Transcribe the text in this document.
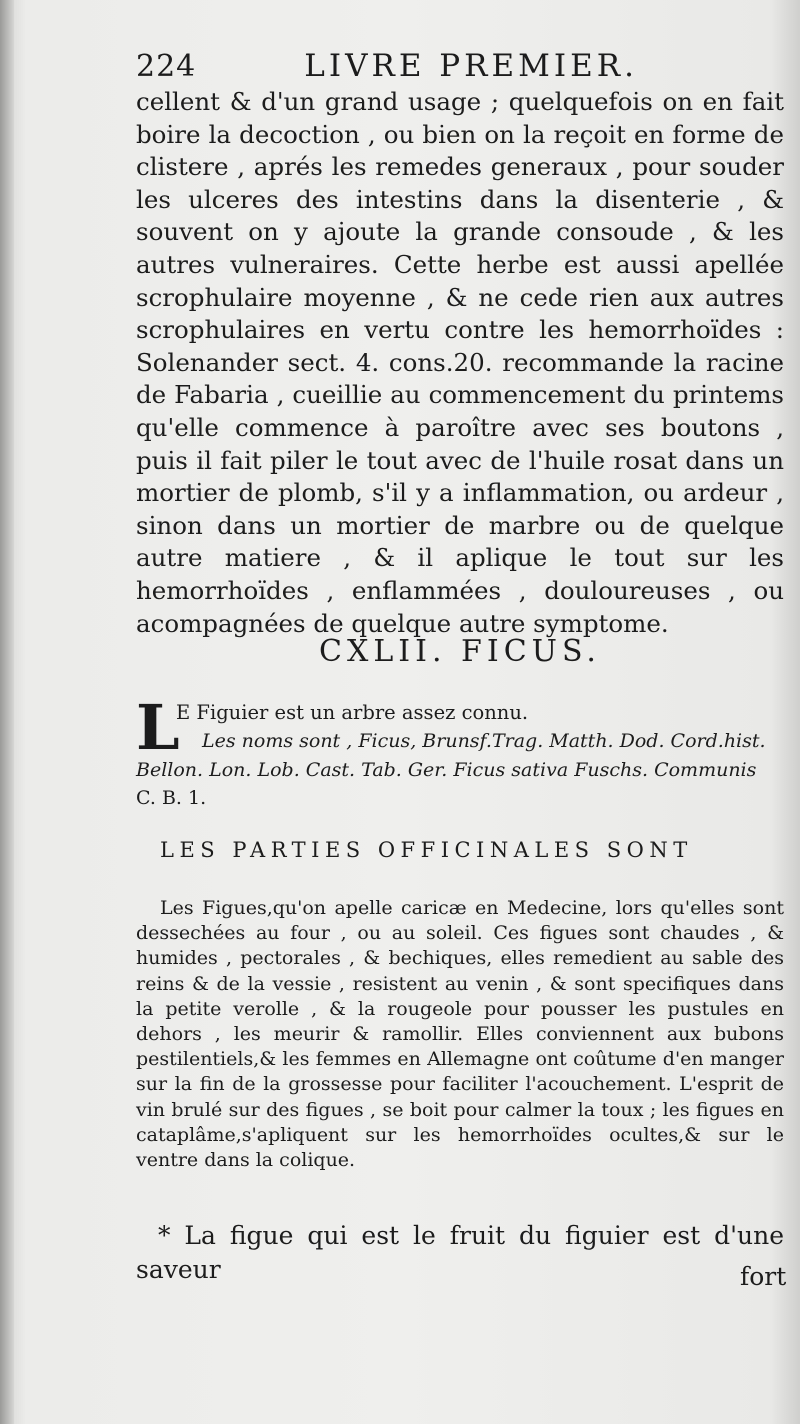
224	LIVRE PREMIER.

cellent & d'un grand usage ; quelquefois on en fait boire la decoction , ou bien on la reçoit en forme de clistere , aprés les remedes generaux , pour souder les ulceres des intestins dans la disenterie , & souvent on y ajoute la grande consoude , & les autres vulneraires. Cette herbe est aussi apellée scrophulaire moyenne , & ne cede rien aux autres scrophulaires en vertu contre les hemorrhoïdes : Solenander sect. 4. cons.20. recommande la racine de Fabaria , cueillie au commencement du printems qu'elle commence à paroître avec ses boutons , puis il fait piler le tout avec de l'huile rosat dans un mortier de plomb, s'il y a inflammation, ou ardeur , sinon dans un mortier de marbre ou de quelque autre matiere , & il aplique le tout sur les hemorrhoïdes , enflammées , douloureuses , ou acompagnées de quelque autre symptome.

CXLII. FICUS.
L
E Figuier est un arbre assez connu.
Les noms sont , Ficus, Brunsf.Trag. Matth. Dod. Cord.hist.
Bellon. Lon. Lob. Cast. Tab. Ger. Ficus sativa Fuschs. Communis
C. B. 1.
LES PARTIES OFFICINALES SONT
Les Figues,qu'on apelle caricæ en Medecine, lors qu'elles sont dessechées au four , ou au soleil. Ces figues sont chaudes , & humides , pectorales , & bechiques, elles remedient au sable des reins & de la vessie , resistent au venin , & sont specifiques dans la petite verolle , & la rougeole pour pousser les pustules en dehors , les meurir & ramollir. Elles conviennent aux bubons pestilentiels,& les femmes en Allemagne ont coûtume d'en manger sur la fin de la grossesse pour faciliter l'acouchement. L'esprit de vin brulé sur des figues , se boit pour calmer la toux ; les figues en cataplâme,s'apliquent sur les hemorrhoïdes ocultes,& sur le ventre dans la colique.
* La figue qui est le fruit du figuier est d'une saveur	fort
